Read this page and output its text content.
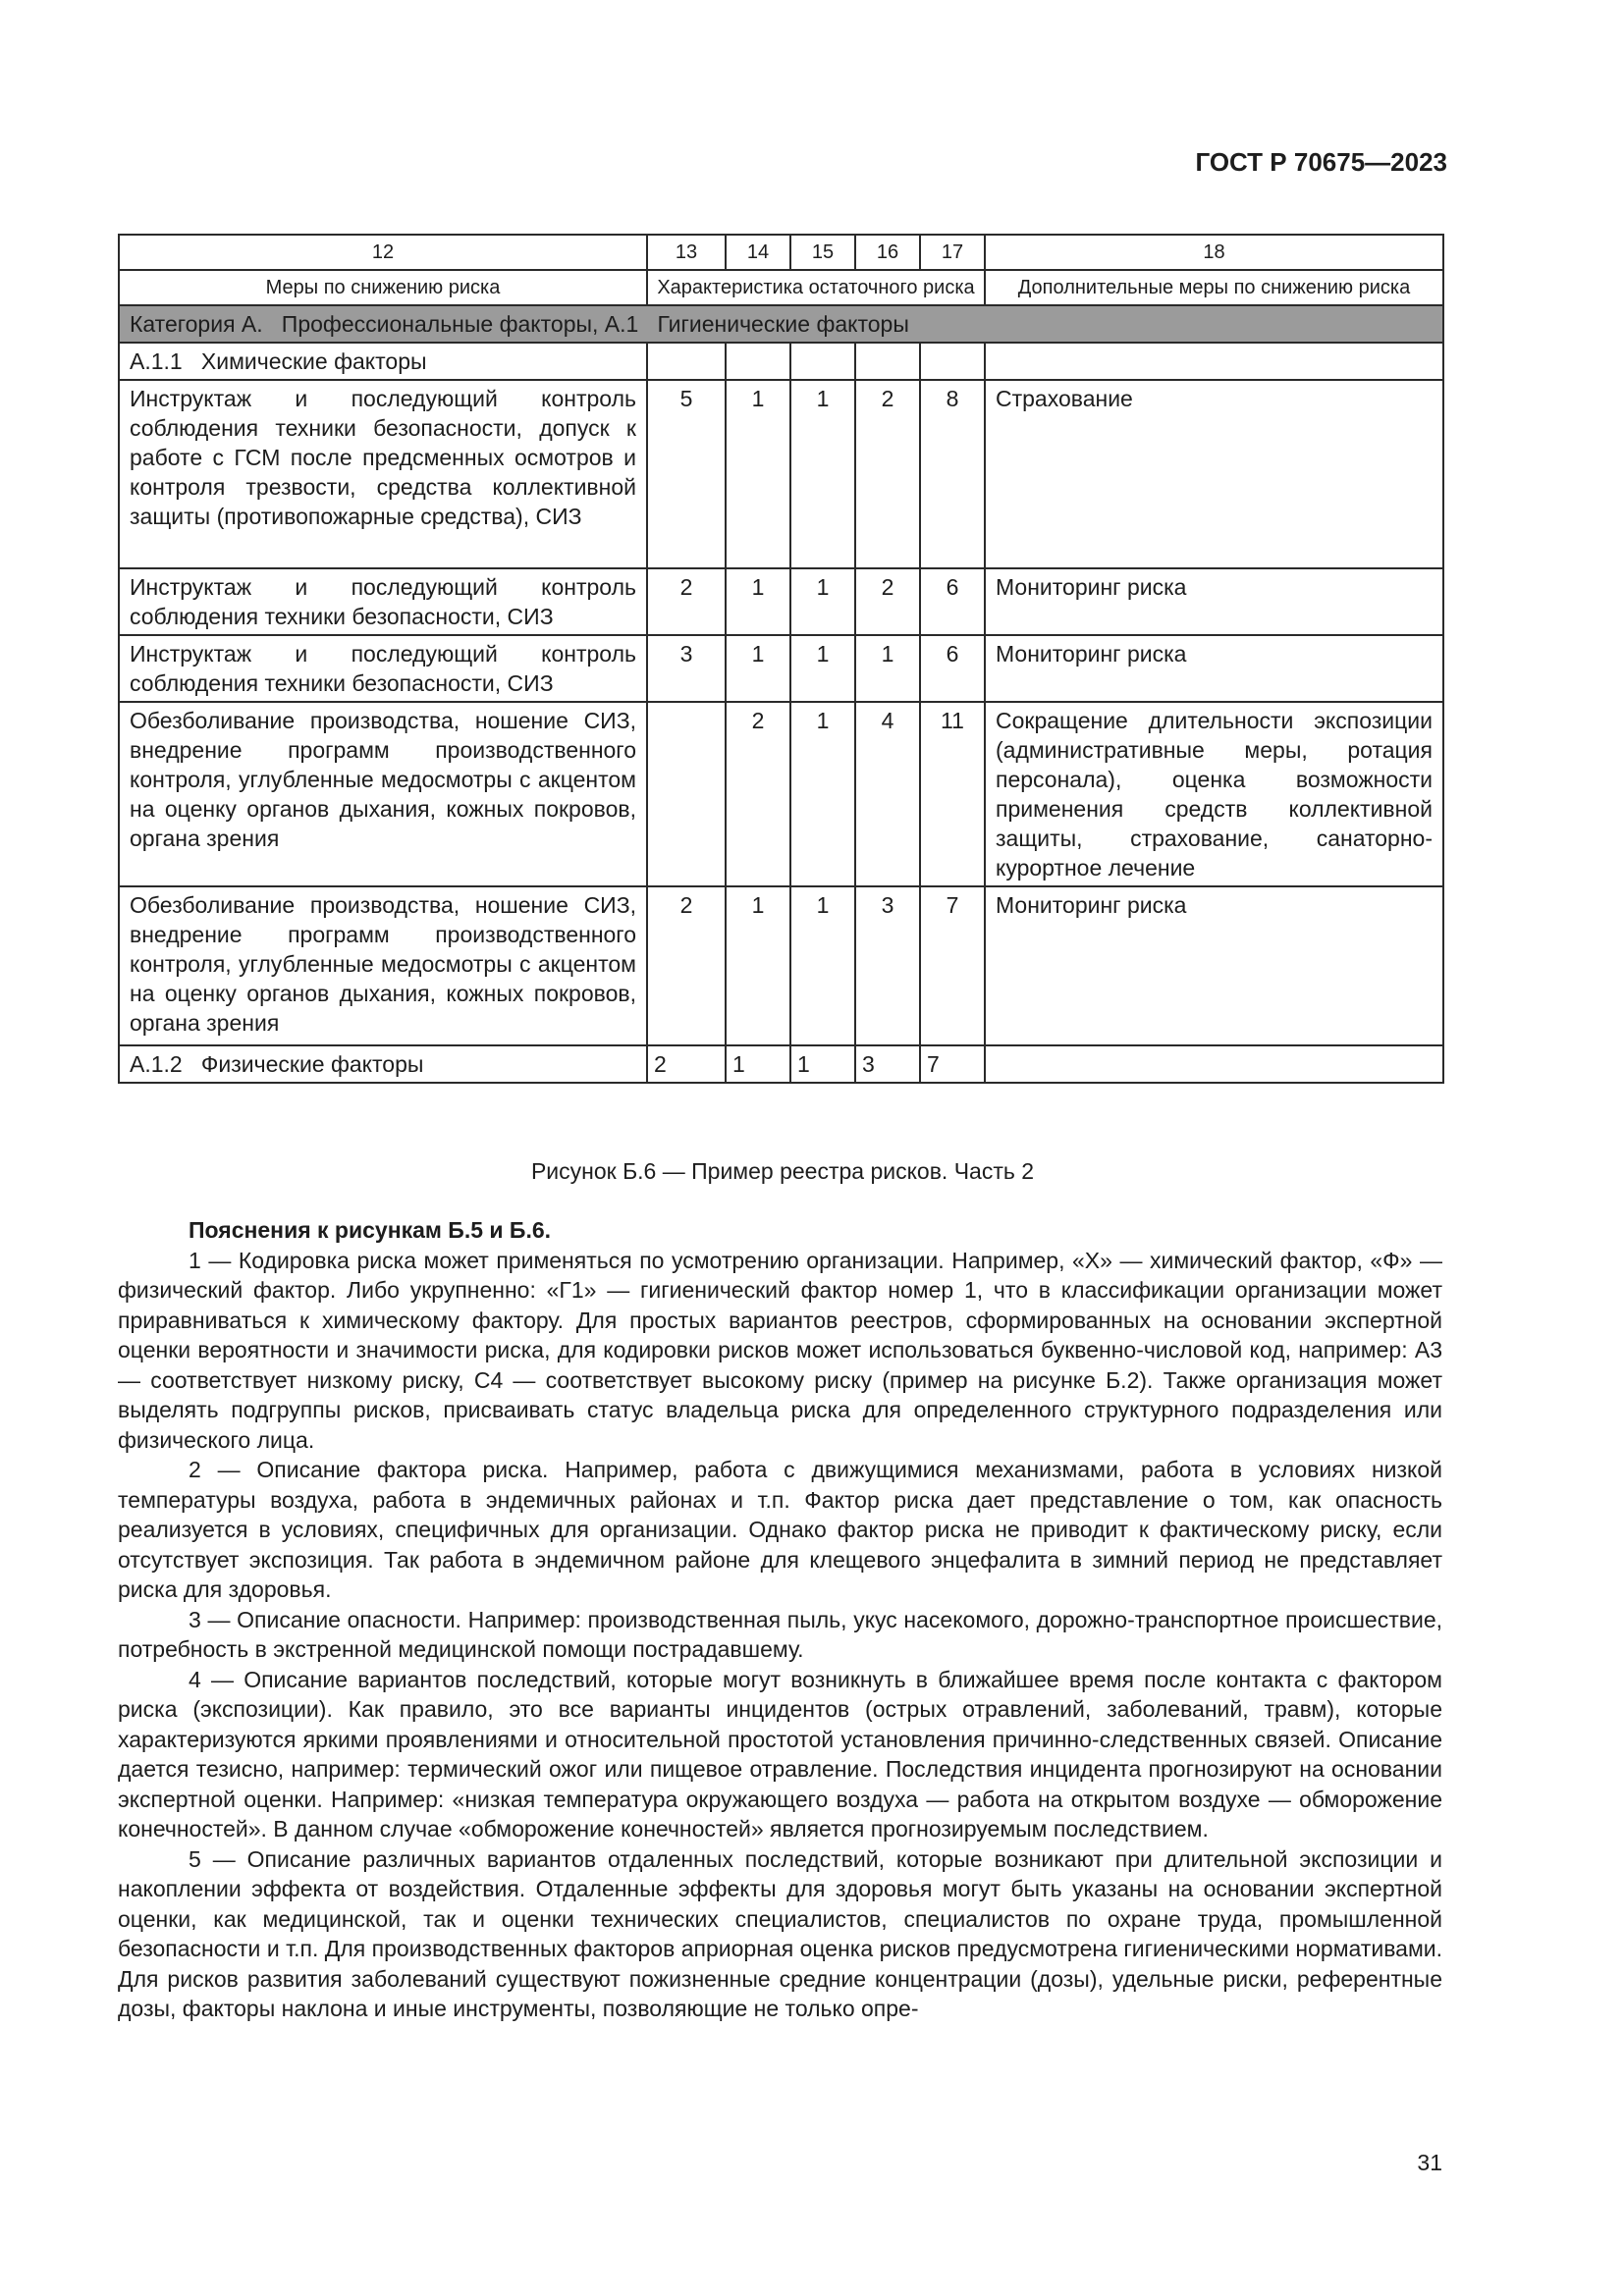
ГОСТ Р 70675—2023
12	13	14	15	16	17	18
Меры по снижению риска	Характеристика остаточного риска					Дополнительные меры по снижению риска
Категория А.   Профессиональные факторы, А.1   Гигиенические факторы						
А.1.1   Химические факторы						
Инструктаж и последующий контроль соблюдения техники безопасности, допуск к работе с ГСМ после предсменных осмотров и контроля трезвости, средства коллективной защиты (противопожарные средства), СИЗ	5	1	1	2	8	Страхование
Инструктаж и последующий контроль соблюдения техники безопасности, СИЗ	2	1	1	2	6	Мониторинг риска
Инструктаж и последующий контроль соблюдения техники безопасности, СИЗ	3	1	1	1	6	Мониторинг риска
Обезболивание производства, ношение СИЗ, внедрение программ производственного контроля, углубленные медосмотры с акцентом на оценку органов дыхания, кожных покровов, органа зрения		2	1	4	11	Сокращение длительности экспозиции (административные меры, ротация персонала), оценка возможности применения средств коллективной защиты, страхование, санаторно-курортное лечение
Обезболивание производства, ношение СИЗ, внедрение программ производственного контроля, углубленные медосмотры с акцентом на оценку органов дыхания, кожных покровов, органа зрения	2	1	1	3	7	Мониторинг риска
А.1.2   Физические факторы	2	1	1	3	7	
Рисунок Б.6 — Пример реестра рисков. Часть 2

Пояснения к рисункам Б.5 и Б.6.

1 — Кодировка риска может применяться по усмотрению организации. Например, «Х» — химический фактор, «Ф» — физический фактор. Либо укрупненно: «Г1» — гигиенический фактор номер 1, что в классификации организации может приравниваться к химическому фактору. Для простых вариантов реестров, сформированных на основании экспертной оценки вероятности и значимости риска, для кодировки рисков может использоваться буквенно-числовой код, например: А3 — соответствует низкому риску, С4 — соответствует высокому риску (пример на рисунке Б.2). Также организация может выделять подгруппы рисков, присваивать статус владельца риска для определенного структурного подразделения или физического лица.

2 — Описание фактора риска. Например, работа с движущимися механизмами, работа в условиях низкой температуры воздуха, работа в эндемичных районах и т.п. Фактор риска дает представление о том, как опасность реализуется в условиях, специфичных для организации. Однако фактор риска не приводит к фактическому риску, если отсутствует экспозиция. Так работа в эндемичном районе для клещевого энцефалита в зимний период не представляет риска для здоровья.

3 — Описание опасности. Например: производственная пыль, укус насекомого, дорожно-транспортное происшествие, потребность в экстренной медицинской помощи пострадавшему.

4 — Описание вариантов последствий, которые могут возникнуть в ближайшее время после контакта с фактором риска (экспозиции). Как правило, это все варианты инцидентов (острых отравлений, заболеваний, травм), которые характеризуются яркими проявлениями и относительной простотой установления причинно-следственных связей. Описание дается тезисно, например: термический ожог или пищевое отравление. Последствия инцидента прогнозируют на основании экспертной оценки. Например: «низкая температура окружающего воздуха — работа на открытом воздухе — обморожение конечностей». В данном случае «обморожение конечностей» является прогнозируемым последствием.

5 — Описание различных вариантов отдаленных последствий, которые возникают при длительной экспозиции и накоплении эффекта от воздействия. Отдаленные эффекты для здоровья могут быть указаны на основании экспертной оценки, как медицинской, так и оценки технических специалистов, специалистов по охране труда, промышленной безопасности и т.п. Для производственных факторов априорная оценка рисков предусмотрена гигиеническими нормативами. Для рисков развития заболеваний существуют пожизненные средние концентрации (дозы), удельные риски, референтные дозы, факторы наклона и иные инструменты, позволяющие не только опре-

31
